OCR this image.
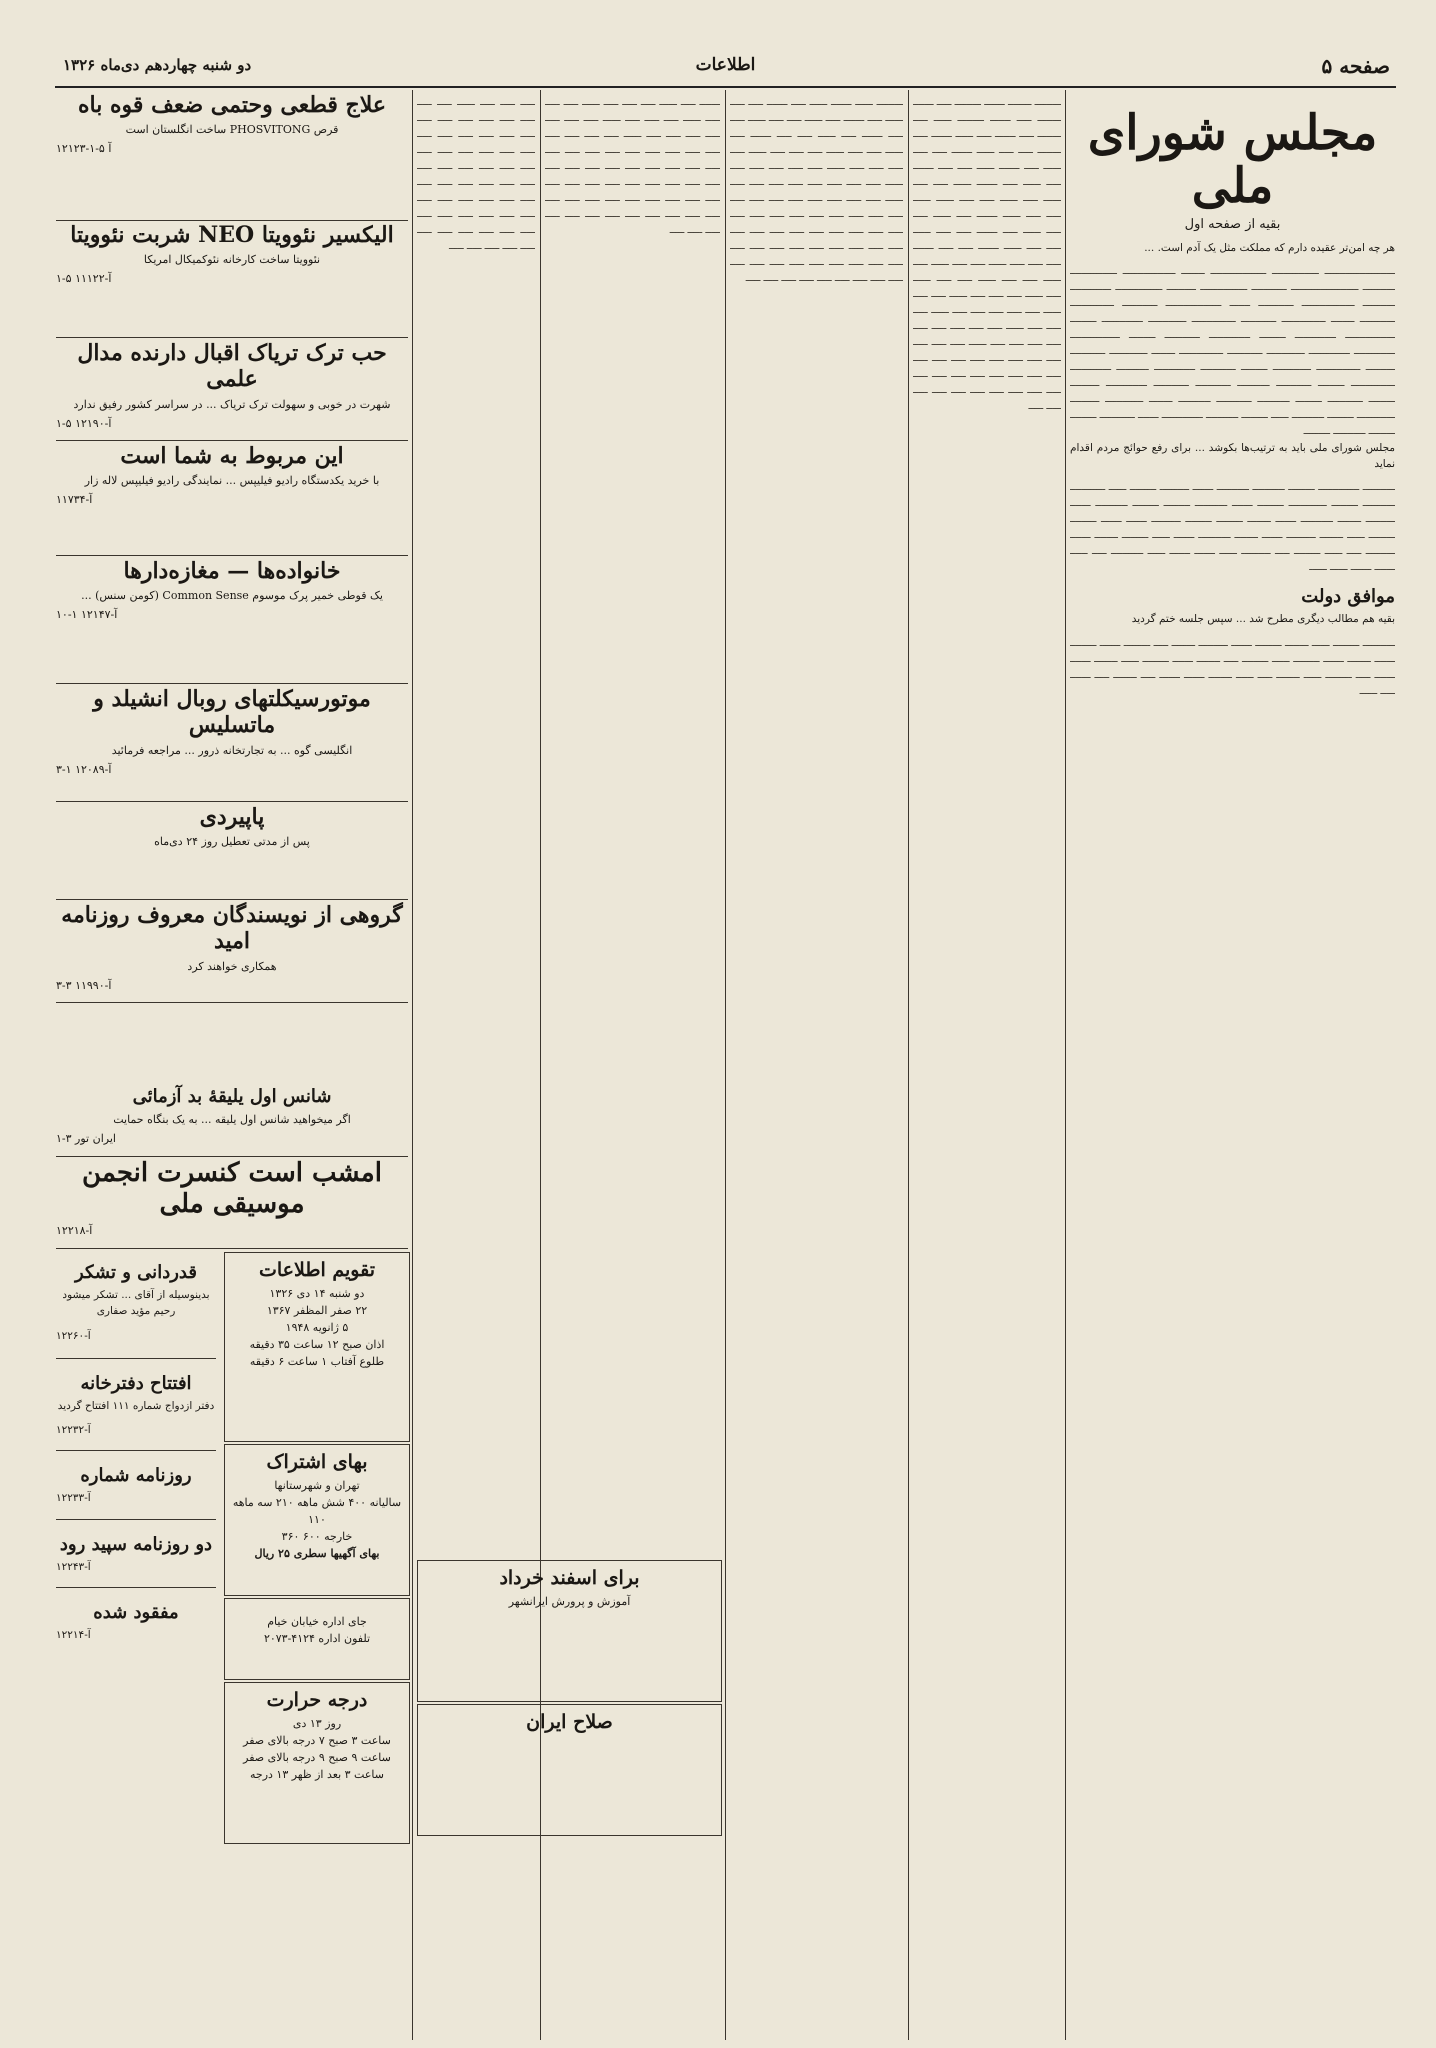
دو شنبه چهاردهم دی‌ماه ۱۳۲۶	اطلاعات	صفحه ۵
مجلس شورای ملی
بقیه از صفحه اول

هر چه امن‌تر عقیده دارم که مملکت مثل یک آدم است. ...

ــــــــــــــــــــــــ ــــــــــــــــ ـــــــــــــــــــ ــــــــ ــــــــــــــــــ ــــــــــــــــ ـــــــــــ ـــــــــــــــــــــــ ــــــــــــ ــــــــــــــــ ــــــــــ ــــــــــــــــ ــــــــــــــ ـــــــــــ ــــــــــــــــــ ــــــــــــ ـــــــ ـــــــــــــــــــ ــــــــــــ ـــــــــــــــ ــــــــــــ ــــــــ ـــــــــــــــ ــــــــــــ ـــــــــــــــ ـــــــــــــ ــــــــــــــ ـــــــــ ـــــــــــــــــ ــــــــــــــ ـــــــــ ــــــــــــــ ــــــــــــ ـــــــــ ـــــــــــــــــ ــــــــــــــ ــــــــــــــ ـــــــــــــ ــــــــــــ ـــــــــــــــ ــــــــ ـــــــــــــ ــــــــــــ ــــــــــ ـــــــــــــــ ـــــــــــــ ـــــــــ ــــــــــــ ــــــــــــــ ـــــــــــ ــــــــــــــ ـــــــــــــــ ـــــــــ ــــــــــــ ـــــــــــ ــــــــــــ ــــــــــــ ــــــــــــــ ــــــــــ ـــــــــ ــــــــــــ ـــــــــ ـــــــــــ ــــــــــــ ـــــــــــ ــــــــ ـــــــــــــ ــــــــــ ـــــــــــــ ـــــــــ ـــــــــــ ــــــ ـــــــــ ـــــــــــ ــــــــــــــ ـــــــ ــــــــــــ ـــــــــ ـــــــــ ـــــــــــ ـــــــــ

مجلس شورای ملی باید به ترتیب‌ها بکوشد ... برای رفع حوائج مردم اقدام نماید

ـــــــــــ ــــــــــــــ ـــــــــ ـــــــــــ ـــــــــــ ـــــــ ــــــــــ ـــــــــ ــــــ ــــــــــــ ـــــــــــ ـــــــــ ـــــــــــــ ـــــــــ ـــــــ ـــــــــــ ـــــــــ ـــــــــ ـــــــــــ ـــــــ ــــــــــ ــــــــ ـــــــــــ ـــــــ ــــــــ ـــــــــ ـــــــــ ــــــــــ ـــــــ ـــــــ ـــــــــ ـــــــــ ــــــ ــــــــ ــــــــــ ـــــــ ــــــــ ـــــــــــ ـــــــ ــــــ ـــــــــ ــــــــ ـــــــ ــــــــــ ـــــ ــــــ ـــــــــ ـــــ ــــــــــ ــــــ ـــــــ ـــــــ ــــــ ـــــــــــ ـــــ ــــــ ـــــــ ـــــــ ــــــ ــــــ
موافق دولت

بقیه هم مطالب دیگری مطرح شد ... سپس جلسه ختم گردید

ـــــــــــ ـــــــــ ــــــ ــــــــ ـــــــــ ـــــــ ــــــــــ ــــــــ ـــــ ـــــــــ ـــــــ ـــــــــ ـــــــ ــــــــ ـــــــ ـــــــــ ــــــ ـــــــــ ـــــ ــــــــ ـــــــ ـــــــــ ــــــ ــــــــ ـــــــ ـــــــ ـــــ ـــــــــ ــــــ ــــــــ ـــــ ــــــ ــــــــ ـــــــ ـــــــ ـــــ ــــــــ ـــــ ـــــــ ـــــ ــــــ
ـــــــــ ــــــــ ـــــــ ـــــــــ ـــــ ـــــــ ــــــــ ـــــ ـــــــ ـــــــــ ــــــ ـــــ ــــــــ ـــــ ـــــــ ـــــ ــــــ ـــــــ ـــــ ــــــــ ـــــ ـــــ ــــــ ـــــــ ـــــ ـــــ ــــــ ـــــ ـــــــ ــــــ ـــــ ـــــ ـــــــ ـــــ ــــــ ـــــ ـــــــ ــــــ ـــــ ـــــ ــــــ ـــــ ــــــ ـــــ ـــــ ــــــ ــــــ ـــــ ـــــ ــــــ ـــــــ ـــــ ــــــ ـــــ ـــــ ــــــ ـــــ ـــــــ ـــــ ـــــ ــــــ ـــــ ـــــ ــــــ ـــــــ ـــــ ـــــ ـــــــ ـــــ ـــــ ـــــ ــــــ ـــــ ـــــ ــــــ ـــــ ــــــ ـــــ ـــــ ــــــ ـــــ ـــــ ــــــ ـــــ ــــــ ـــــ ـــــ ـــــ ــــــ ـــــ ـــــ ــــــ ـــــ ـــــ ـــــ ـــــ ـــــ ــــــ ـــــ ـــــ ـــــ ــــــ ـــــ ـــــ ـــــ ـــــ ـــــ ـــــ ـــــ ـــــ ـــــ ــــــ ـــــ ـــــ ـــــ ـــــ ـــــ ـــــ ـــــ ـــــ ـــــ ـــــ ـــــ ـــــ ـــــ ـــــ ـــــ ـــــ ـــــ ـــــ ـــــ ـــــ ـــــ ـــــ ـــــ ـــــ ـــــ ـــــ ـــــ ـــــ ـــــ
ـــــــــ ــــــ ـــــــ ــــــ ـــــ ـــــــ ـــــ ـــــ ــــــ ـــــ ـــــــ ـــــ ــــــ ـــــ ـــــ ــــــ ـــــ ـــــ ـــــــ ـــــ ــــــ ـــــ ـــــ ـــــــ ـــــ ــــــ ـــــ ـــــ ــــــ ـــــ ـــــ ـــــ ــــــ ـــــ ـــــ ـــــ ـــــ ــــــ ـــــ ـــــ ـــــ ـــــ ـــــ ــــــ ـــــ ـــــ ـــــ ـــــ ـــــ ـــــ ـــــ ـــــ ــــــ ـــــ ـــــ ـــــ ـــــ ـــــ ـــــ ـــــ ـــــ ـــــ ـــــ ـــــ ـــــ ـــــ ـــــ ـــــ ـــــ ـــــ ـــــ ـــــ ـــــ ـــــ ـــــ ـــــ ـــــ ـــــ ـــــ ـــــ ـــــ ـــــ ـــــ ـــــ ـــــ ـــــ ـــــ ـــــ ـــــ ـــــ ـــــ ـــــ ـــــ ـــــ ـــــ ـــــ ـــــ ـــــ ـــــ ـــــ ـــــ ـــــ ـــــ ـــــ ـــــ ـــــ
ـــــــ ـــــ ــــــ ـــــ ـــــ ـــــ ــــــ ـــــ ـــــ ـــــ ــــــ ـــــ ـــــ ـــــ ــــــ ـــــ ـــــ ـــــ ـــــ ـــــ ـــــ ـــــ ــــــ ـــــ ـــــ ـــــ ـــــ ـــــ ـــــ ـــــ ـــــ ـــــ ـــــ ـــــ ـــــ ـــــ ـــــ ـــــ ـــــ ـــــ ـــــ ـــــ ـــــ ـــــ ـــــ ـــــ ـــــ ـــــ ـــــ ـــــ ـــــ ـــــ ـــــ ـــــ ـــــ ـــــ ـــــ ـــــ ـــــ ـــــ ـــــ ـــــ ـــــ ـــــ ـــــ ـــــ ـــــ ـــــ ـــــ ـــــ ـــــ ـــــ ـــــ ـــــ ـــــ
ـــــ ـــــ ـــــ ــــــ ـــــ ـــــ ـــــ ـــــ ـــــ ـــــ ـــــ ـــــ ـــــ ـــــ ـــــ ـــــ ـــــ ـــــ ـــــ ـــــ ـــــ ـــــ ـــــ ـــــ ـــــ ـــــ ـــــ ـــــ ـــــ ـــــ ـــــ ـــــ ـــــ ـــــ ـــــ ـــــ ـــــ ـــــ ـــــ ـــــ ـــــ ـــــ ـــــ ـــــ ـــــ ـــــ ـــــ ـــــ ـــــ ـــــ ـــــ ـــــ ـــــ ـــــ ـــــ ـــــ ـــــ ـــــ ـــــ
علاج قطعی وحتمی ضعف قوه باه
قرص PHOSVITONG ساخت انگلستان است
۱۲۱۲۳-آ ۵-۱
الیکسیر نئوویتا NEO شربت نئوویتا
نئوویتا ساخت کارخانه نئوکمیکال امریکا
آ-۱۱۱۲۲ ۵-۱
حب ترک تریاک اقبال دارنده مدال علمی
شهرت در خوبی و سهولت ترک تریاک ... در سراسر کشور رفیق ندارد
آ-۱۲۱۹۰ ۵-۱
این مربوط به شما است
با خرید یکدستگاه رادیو فیلیپس ... نمایندگی رادیو فیلیپس لاله زار
آ-۱۱۷۳۴
خانواده‌ها — مغازه‌دارها
یک قوطی خمیر پرک موسوم Common Sense (کومن سنس) ...
آ-۱۲۱۴۷ ۱-۱۰
موتورسیکلتهای روبال انشیلد و ماتسلیس
انگلیسی گوه ... به تجارتخانه ذرور ... مراجعه فرمائید
آ-۱۲۰۸۹ ۱-۳
پاپیردی
پس از مدتی تعطیل روز ۲۴ دی‌ماه
گروهی از نویسندگان معروف روزنامه امید
همکاری خواهند کرد
آ-۱۱۹۹۰ ۳-۳
شانس اول یلیقهٔ بد آزمائی
اگر میخواهید شانس اول یلیقه ... به یک بنگاه حمایت
ایران تور ۳-۱
امشب است کنسرت انجمن موسیقی ملی
آ-۱۲۲۱۸
قدردانی و تشکر
بدینوسیله از آقای ... تشکر میشود رحیم مؤید صفاری
آ-۱۲۲۶۰
افتتاح دفترخانه
دفتر ازدواج شماره ۱۱۱ افتتاح گردید
آ-۱۲۲۳۲
روزنامه شماره
آ-۱۲۲۳۳
دو روزنامه سپید رود
آ-۱۲۲۴۳
مفقود شده
آ-۱۲۲۱۴
تقویم اطلاعات
دو شنبه ۱۴ دی ۱۳۲۶
۲۲ صفر المظفر ۱۳۶۷
۵ ژانویه ۱۹۴۸
اذان صبح ۱۲ ساعت ۳۵ دقیقه
طلوع آفتاب ۱ ساعت ۶ دقیقه
بهای اشتراک
تهران و شهرستانها
سالیانه ۴۰۰ شش ماهه ۲۱۰ سه ماهه ۱۱۰
خارجه ۶۰۰ ۳۶۰
بهای آگهیها سطری ۲۵ ریال
جای اداره خیابان خیام
تلفون اداره ۴۱۲۴-۲۰۷۳
درجه حرارت
روز ۱۳ دی
ساعت ۳ صبح ۷ درجه بالای صفر
ساعت ۹ صبح ۹ درجه بالای صفر
ساعت ۳ بعد از ظهر ۱۳ درجه
برای اسفند خرداد
آموزش و پرورش ایرانشهر
صلاح ایران
